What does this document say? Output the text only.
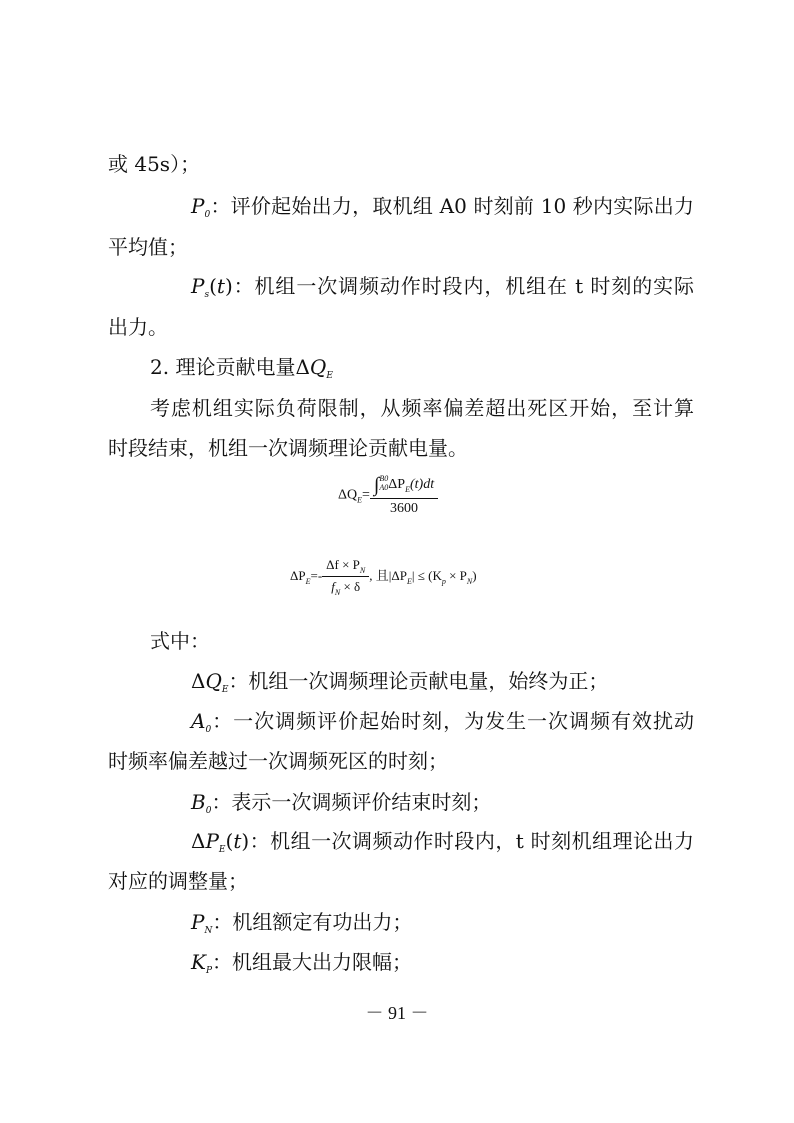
或 45s）；
$P_0$：评价起始出力，取机组 A0 时刻前 10 秒内实际出力
平均值；
$P_s(t)$：机组一次调频动作时段内，机组在 t 时刻的实际
出力。
2. 理论贡献电量$\Delta Q_E$
考虑机组实际负荷限制，从频率偏差超出死区开始，至计算
时段结束，机组一次调频理论贡献电量。
$\Delta Q_E=$ ∫ B0
A0 $\Delta P_E(t)dt$
3600
$\Delta P_E=- \frac{\Delta f \times P_N}{f_N \times \delta}$ , 且$|\Delta P_E| \le (K_p \times P_N)$
式中：
$\Delta Q_E$：机组一次调频理论贡献电量，始终为正；
$A_0$：一次调频评价起始时刻，为发生一次调频有效扰动
时频率偏差越过一次调频死区的时刻；
$B_0$：表示一次调频评价结束时刻；
$\Delta P_E(t)$：机组一次调频动作时段内，t 时刻机组理论出力
对应的调整量；
$P_N$：机组额定有功出力；
$K_P$：机组最大出力限幅；
－ 91 －
